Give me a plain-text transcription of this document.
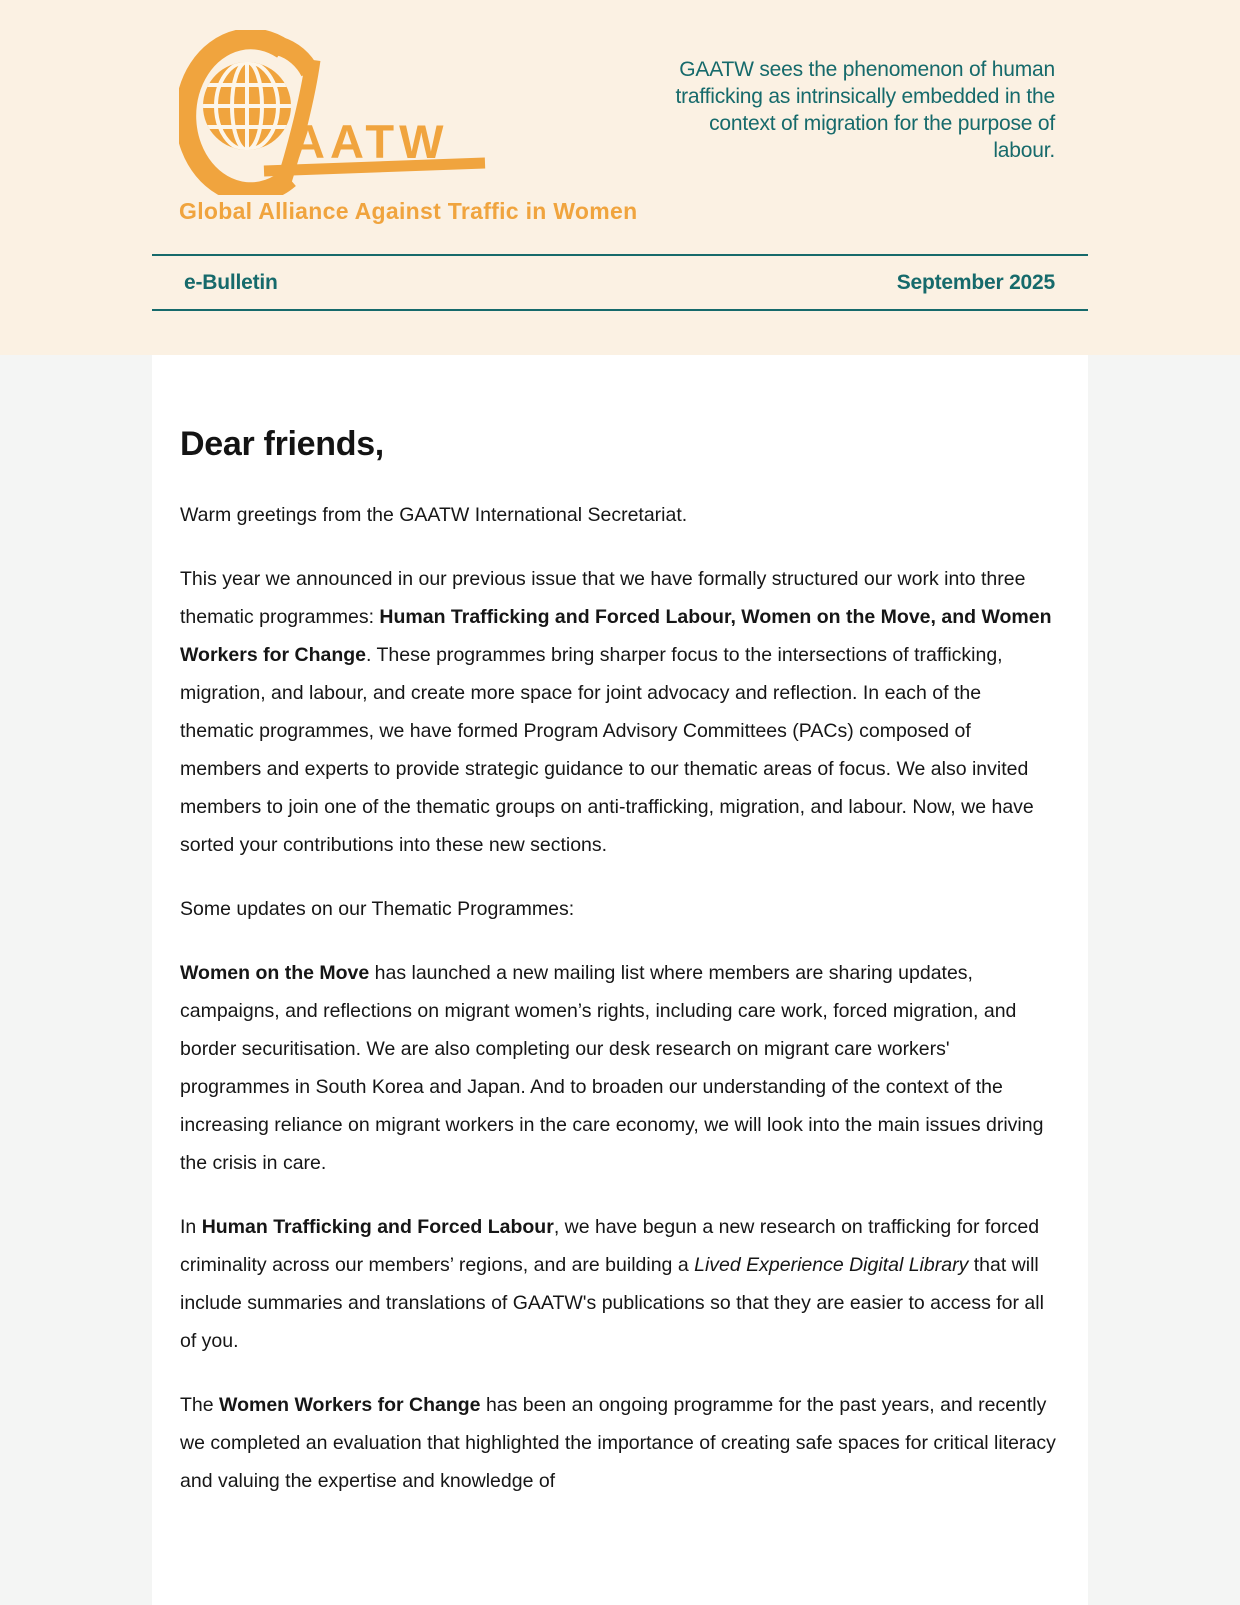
AATW
Global Alliance Against Traffic in Women
GAATW sees the phenomenon of human trafficking as intrinsically embedded in the context of migration for the purpose of labour.
e-Bulletin	September 2025
Dear friends,

Warm greetings from the GAATW International Secretariat.

This year we announced in our previous issue that we have formally structured our work into three thematic programmes: Human Trafficking and Forced Labour, Women on the Move, and Women Workers for Change. These programmes bring sharper focus to the intersections of trafficking, migration, and labour, and create more space for joint advocacy and reflection. In each of the thematic programmes, we have formed Program Advisory Committees (PACs) composed of members and experts to provide strategic guidance to our thematic areas of focus. We also invited members to join one of the thematic groups on anti-trafficking, migration, and labour. Now, we have sorted your contributions into these new sections.

Some updates on our Thematic Programmes:

Women on the Move has launched a new mailing list where members are sharing updates, campaigns, and reflections on migrant women’s rights, including care work, forced migration, and border securitisation. We are also completing our desk research on migrant care workers' programmes in South Korea and Japan. And to broaden our understanding of the context of the increasing reliance on migrant workers in the care economy, we will look into the main issues driving the crisis in care.

In Human Trafficking and Forced Labour, we have begun a new research on trafficking for forced criminality across our members’ regions, and are building a Lived Experience Digital Library that will include summaries and translations of GAATW's publications so that they are easier to access for all of you.

The Women Workers for Change has been an ongoing programme for the past years, and recently we completed an evaluation that highlighted the importance of creating safe spaces for critical literacy and valuing the expertise and knowledge of
